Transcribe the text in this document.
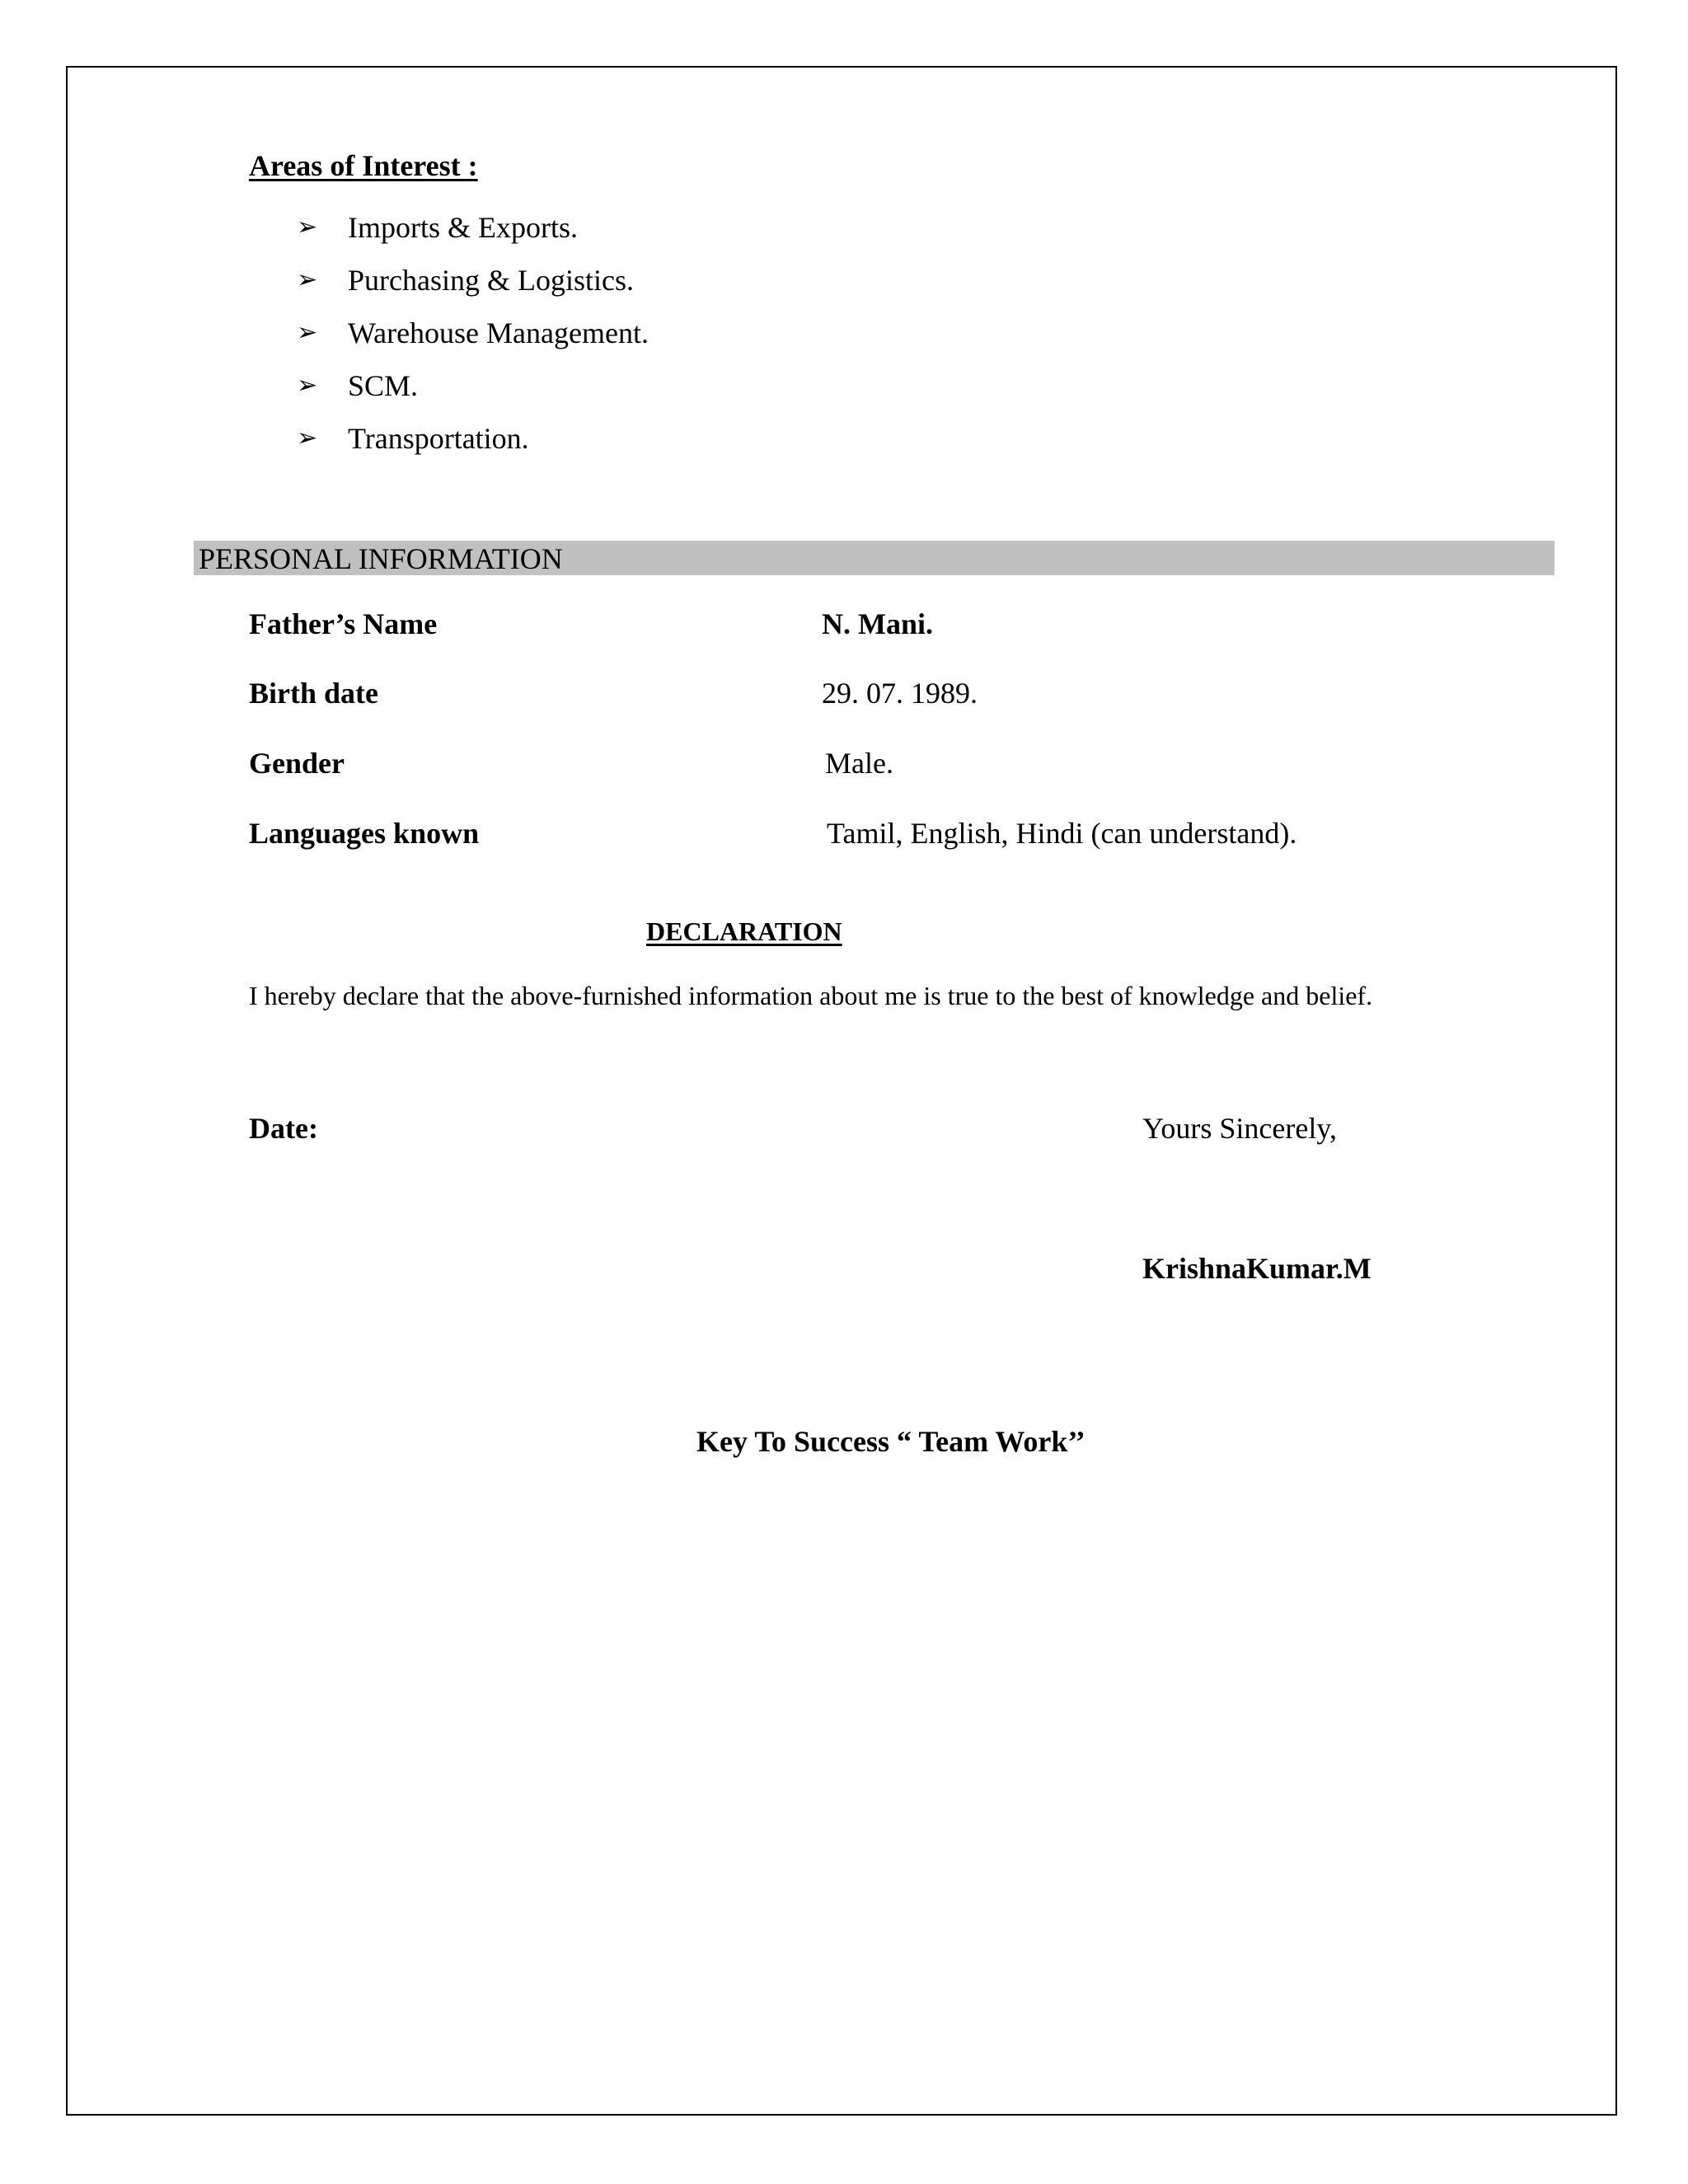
Areas of Interest :
➢	Imports & Exports.
➢	Purchasing & Logistics.
➢	Warehouse Management.
➢	SCM.
➢	Transportation.
PERSONAL INFORMATION
Father’s Name	N. Mani.
Birth date	29. 07. 1989.
Gender	Male.
Languages known	Tamil, English, Hindi (can understand).
DECLARATION
I hereby declare that the above-furnished information about me is true to the best of knowledge and belief.
Date:	Yours Sincerely,
KrishnaKumar.M
Key To Success “ Team Work’’
